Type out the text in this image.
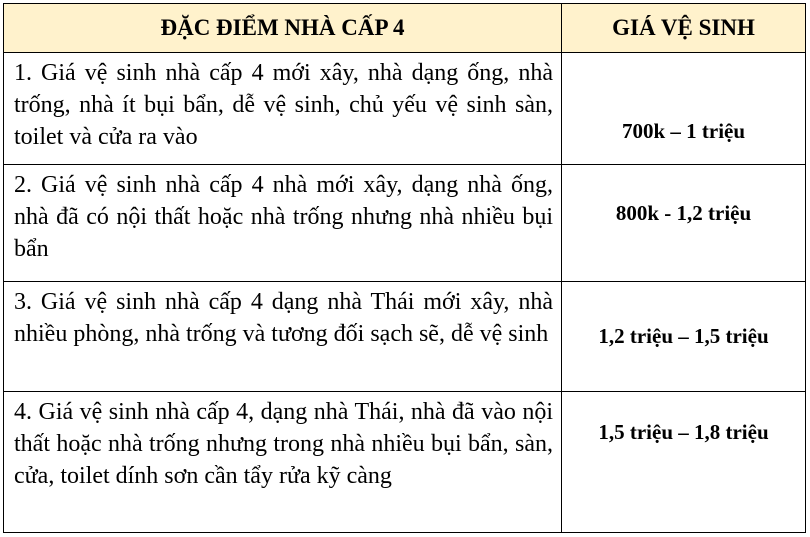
ĐẶC ĐIỂM NHÀ CẤP 4	GIÁ VỆ SINH
1. Giá vệ sinh nhà cấp 4 mới xây, nhà dạng ống, nhà trống, nhà ít bụi bẩn, dễ vệ sinh, chủ yếu vệ sinh sàn, toilet và cửa ra vào	700k – 1 triệu
2. Giá vệ sinh nhà cấp 4 nhà mới xây, dạng nhà ống, nhà đã có nội thất hoặc nhà trống nhưng nhà nhiều bụi bẩn	800k - 1,2 triệu
3. Giá vệ sinh nhà cấp 4 dạng nhà Thái mới xây, nhà nhiều phòng, nhà trống và tương đối sạch sẽ, dễ vệ sinh	1,2 triệu – 1,5 triệu
4. Giá vệ sinh nhà cấp 4, dạng nhà Thái, nhà đã vào nội thất hoặc nhà trống nhưng trong nhà nhiều bụi bẩn, sàn, cửa, toilet dính sơn cần tẩy rửa kỹ càng	1,5 triệu – 1,8 triệu
